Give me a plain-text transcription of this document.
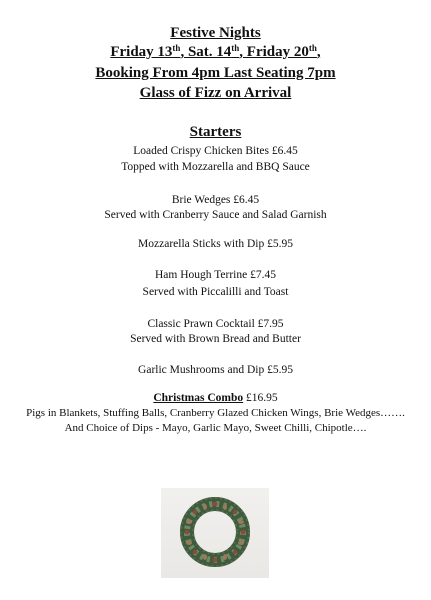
Festive Nights
Friday 13th, Sat. 14th, Friday 20th,
Booking From 4pm Last Seating 7pm
Glass of Fizz on Arrival
Starters
Loaded Crispy Chicken Bites £6.45
Topped with Mozzarella and BBQ Sauce
Brie Wedges £6.45
Served with Cranberry Sauce and Salad Garnish
Mozzarella Sticks with Dip £5.95
Ham Hough Terrine £7.45
Served with Piccalilli and Toast
Classic Prawn Cocktail £7.95
Served with Brown Bread and Butter
Garlic Mushrooms and Dip £5.95
Christmas Combo £16.95
Pigs in Blankets, Stuffing Balls, Cranberry Glazed Chicken Wings, Brie Wedges…….
And Choice of Dips - Mayo, Garlic Mayo, Sweet Chilli, Chipotle….
